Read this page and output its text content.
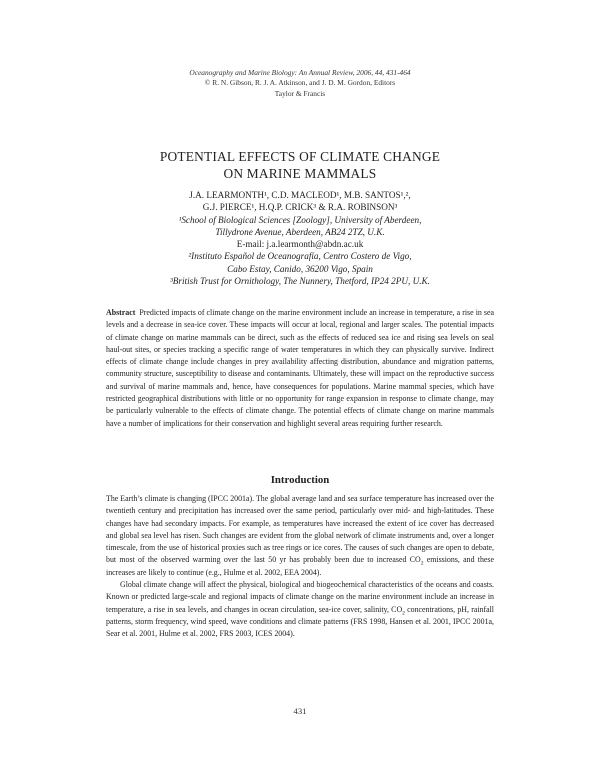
Oceanography and Marine Biology: An Annual Review, 2006, 44, 431-464
© R. N. Gibson, R. J. A. Atkinson, and J. D. M. Gordon, Editors
Taylor & Francis
POTENTIAL EFFECTS OF CLIMATE CHANGE
ON MARINE MAMMALS
J.A. LEARMONTH¹, C.D. MACLEOD¹, M.B. SANTOS¹,²,
G.J. PIERCE¹, H.Q.P. CRICK³ & R.A. ROBINSON³
¹School of Biological Sciences [Zoology], University of Aberdeen,
Tillydrone Avenue, Aberdeen, AB24 2TZ, U.K.
E-mail: j.a.learmonth@abdn.ac.uk
²Instituto Español de Oceanografía, Centro Costero de Vigo,
Cabo Estay, Canido, 36200 Vigo, Spain
³British Trust for Ornithology, The Nunnery, Thetford, IP24 2PU, U.K.
Abstract Predicted impacts of climate change on the marine environment include an increase in temperature, a rise in sea levels and a decrease in sea-ice cover. These impacts will occur at local, regional and larger scales. The potential impacts of climate change on marine mammals can be direct, such as the effects of reduced sea ice and rising sea levels on seal haul-out sites, or species tracking a specific range of water temperatures in which they can physically survive. Indirect effects of climate change include changes in prey availability affecting distribution, abundance and migration patterns, community structure, susceptibility to disease and contaminants. Ultimately, these will impact on the reproductive success and survival of marine mammals and, hence, have consequences for populations. Marine mammal species, which have restricted geographical distributions with little or no opportunity for range expansion in response to climate change, may be particularly vulnerable to the effects of climate change. The potential effects of climate change on marine mammals have a number of implications for their conservation and highlight several areas requiring further research.
Introduction

The Earth’s climate is changing (IPCC 2001a). The global average land and sea surface temperature has increased over the twentieth century and precipitation has increased over the same period, particularly over mid- and high-latitudes. These changes have had secondary impacts. For example, as temperatures have increased the extent of ice cover has decreased and global sea level has risen. Such changes are evident from the global network of climate instruments and, over a longer timescale, from the use of historical proxies such as tree rings or ice cores. The causes of such changes are open to debate, but most of the observed warming over the last 50 yr has probably been due to increased $CO_2$ emissions, and these increases are likely to continue (e.g., Hulme et al. 2002, EEA 2004).

Global climate change will affect the physical, biological and biogeochemical characteristics of the oceans and coasts. Known or predicted large-scale and regional impacts of climate change on the marine environment include an increase in temperature, a rise in sea levels, and changes in ocean circulation, sea-ice cover, salinity, $CO_2$ concentrations, pH, rainfall patterns, storm frequency, wind speed, wave conditions and climate patterns (FRS 1998, Hansen et al. 2001, IPCC 2001a, Sear et al. 2001, Hulme et al. 2002, FRS 2003, ICES 2004).

431
